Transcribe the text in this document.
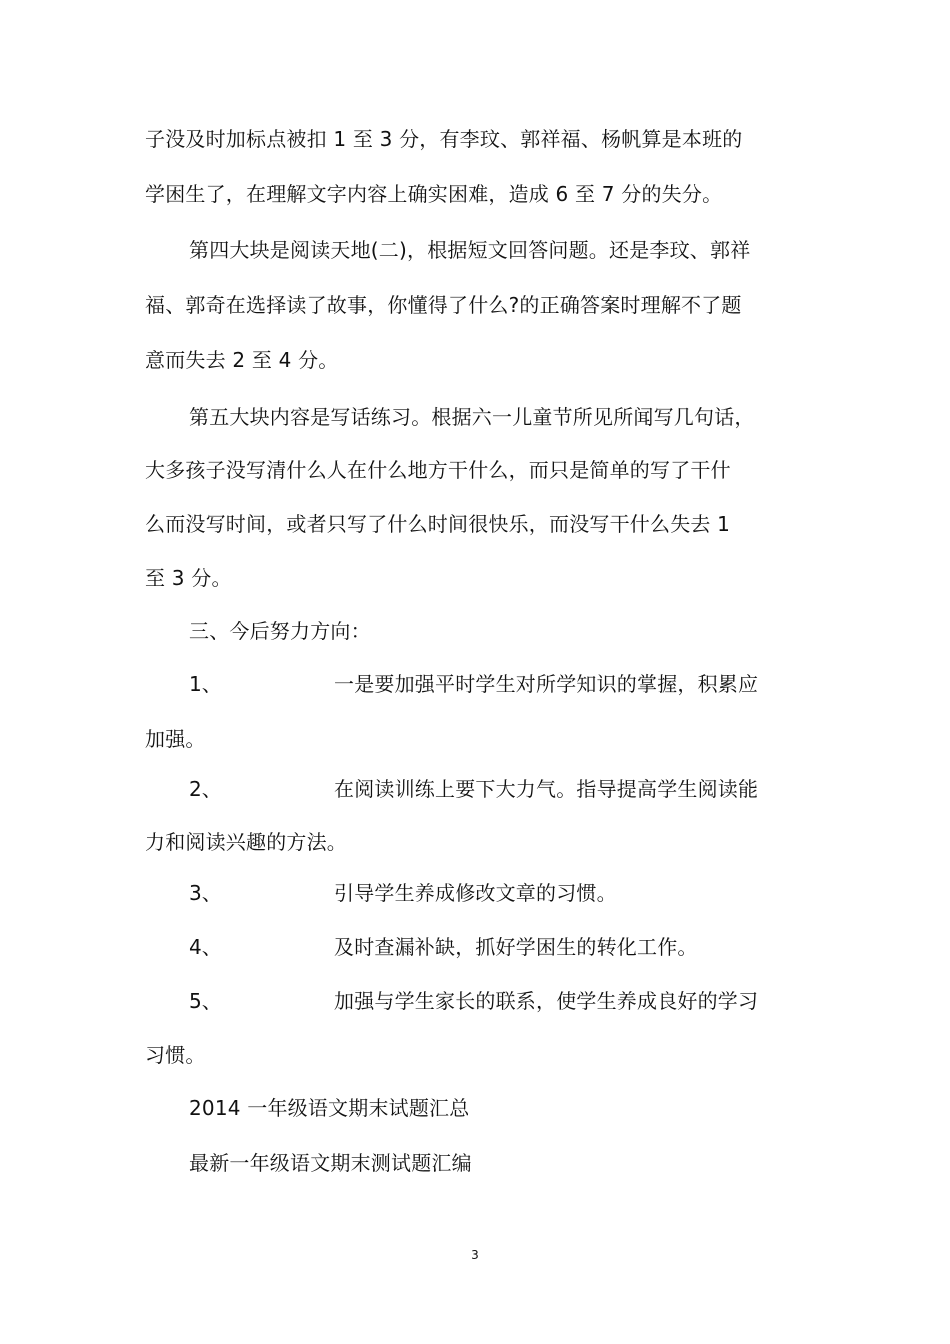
子没及时加标点被扣 1 至 3 分，有李玟、郭祥福、杨帆算是本班的
学困生了，在理解文字内容上确实困难，造成 6 至 7 分的失分。
第四大块是阅读天地(二)，根据短文回答问题。还是李玟、郭祥
福、郭奇在选择读了故事，你懂得了什么?的正确答案时理解不了题
意而失去 2 至 4 分。
第五大块内容是写话练习。根据六一儿童节所见所闻写几句话，
大多孩子没写清什么人在什么地方干什么，而只是简单的写了干什
么而没写时间，或者只写了什么时间很快乐，而没写干什么失去 1
至 3 分。
三、今后努力方向：
1、	一是要加强平时学生对所学知识的掌握，积累应
加强。
2、	在阅读训练上要下大力气。指导提高学生阅读能
力和阅读兴趣的方法。
3、	引导学生养成修改文章的习惯。
4、	及时查漏补缺，抓好学困生的转化工作。
5、	加强与学生家长的联系，使学生养成良好的学习
习惯。
2014 一年级语文期末试题汇总
最新一年级语文期末测试题汇编
3
